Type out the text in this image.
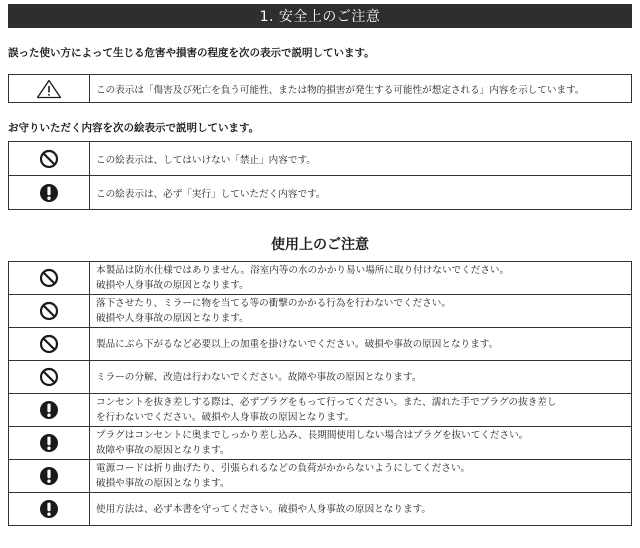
1. 安全上のご注意
誤った使い方によって生じる危害や損害の程度を次の表示で説明しています。
	この表示は「傷害及び死亡を負う可能性、または物的損害が発生する可能性が想定される」内容を示しています。
お守りいただく内容を次の絵表示で説明しています。
	この絵表示は、してはいけない「禁止」内容です。
	この絵表示は、必ず「実行」していただく内容です。
使用上のご注意

本製品は防水仕様ではありません。浴室内等の水のかかり易い場所に取り付けないでください。
破損や人身事故の原因となります。

落下させたり、ミラーに物を当てる等の衝撃のかかる行為を行わないでください。
破損や人身事故の原因となります。

製品にぶら下がるなど必要以上の加重を掛けないでください。破損や事故の原因となります。

ミラーの分解、改造は行わないでください。故障や事故の原因となります。

コンセントを抜き差しする際は、必ずプラグをもって行ってください。また、濡れた手でプラグの抜き差し
を行わないでください。破損や人身事故の原因となります。

プラグはコンセントに奥までしっかり差し込み、長期間使用しない場合はプラグを抜いてください。
故障や事故の原因となります。

電源コードは折り曲げたり、引張られるなどの負荷がかからないようにしてください。
破損や事故の原因となります。

使用方法は、必ず本書を守ってください。破損や人身事故の原因となります。
